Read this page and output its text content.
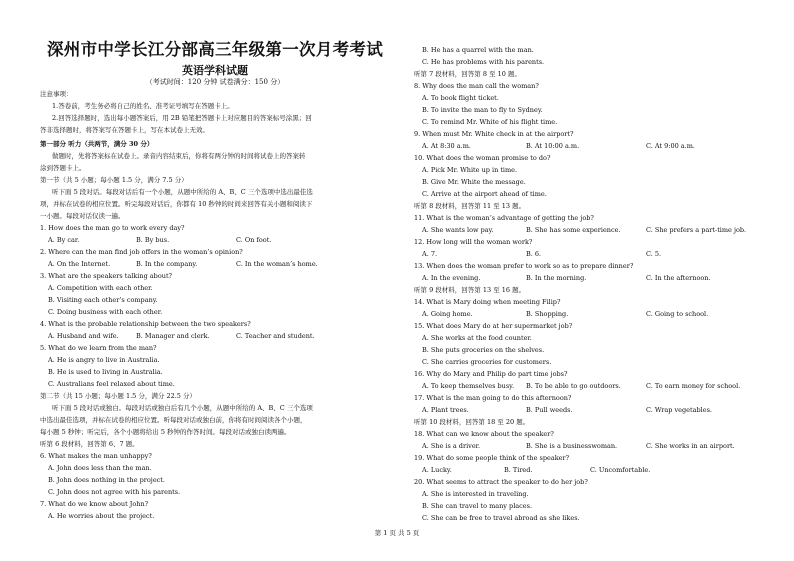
深州市中学长江分部高三年级第一次月考考试
英语学科试题
（考试时间：120 分钟 试卷满分：150 分）
注意事项：
1.答卷前，考生务必将自己的姓名、准考证号填写在答题卡上。
2.回答选择题时，选出每小题答案后，用 2B 铅笔把答题卡上对应题目的答案标号涂黑；回
答非选择题时，将答案写在答题卡上，写在本试卷上无效。
第一部分 听力（共两节，满分 30 分）
做题时，先将答案标在试卷上。录音内容结束后，你将有两分钟的时间将试卷上的答案转
涂到答题卡上。
第一节（共 5 小题；每小题 1.5 分，满分 7.5 分）
听下面 5 段对话。每段对话后有一个小题，从题中所给的 A、B、C 三个选项中选出最佳选
项，并标在试卷的相应位置。听完每段对话后，你都有 10 秒钟的时间来回答有关小题和阅读下
一小题。每段对话仅读一遍。
1. How does the man go to work every day?
A. By car.	B. By bus.	C. On foot.
2. Where can the man find job offers in the woman’s opinion?
A. On the Internet.	B. In the company.	C. In the woman’s home.
3. What are the speakers talking about?
A. Competition with each other.
B. Visiting each other’s company.
C. Doing business with each other.
4. What is the probable relationship between the two speakers?
A. Husband and wife.	B. Manager and clerk.	C. Teacher and student.
5. What do we learn from the man?
A. He is angry to live in Australia.
B. He is used to living in Australia.
C. Australians feel relaxed about time.
第二节（共 15 小题；每小题 1.5 分，满分 22.5 分）
听下面 5 段对话或独白。每段对话或独白后有几个小题，从题中所给的 A、B、C 三个选项
中选出最佳选项，并标在试卷的相应位置。听每段对话或独白前，你将有时间阅读各个小题，
每小题 5 秒钟；听完后，各个小题将给出 5 秒钟的作答时间。每段对话或独白读两遍。
听第 6 段材料，回答第 6、7 题。
6. What makes the man unhappy?
A. John does less than the man.
B. John does nothing in the project.
C. John does not agree with his parents.
7. What do we know about John?
A. He worries about the project.
B. He has a quarrel with the man.
C. He has problems with his parents.
听第 7 段材料，回答第 8 至 10 题。
8. Why does the man call the woman?
A. To book flight ticket.
B. To invite the man to fly to Sydney.
C. To remind Mr. White of his flight time.
9. When must Mr. White check in at the airport?
A. At 8:30 a.m.	B. At 10:00 a.m.	C. At 9:00 a.m.
10. What does the woman promise to do?
A. Pick Mr. White up in time.
B. Give Mr. White the message.
C. Arrive at the airport ahead of time.
听第 8 段材料，回答第 11 至 13 题。
11. What is the woman’s advantage of getting the job?
A. She wants low pay.	B. She has some experience.	C. She prefers a part-time job.
12. How long will the woman work?
A. 7.	B. 6.	C. 5.
13. When does the woman prefer to work so as to prepare dinner?
A. In the evening.	B. In the morning.	C. In the afternoon.
听第 9 段材料，回答第 13 至 16 题。
14. What is Mary doing when meeting Filip?
A. Going home.	B. Shopping.	C. Going to school.
15. What does Mary do at her supermarket job?
A. She works at the food counter.
B. She puts groceries on the shelves.
C. She carries groceries for customers.
16. Why do Mary and Philip do part time jobs?
A. To keep themselves busy. B. To be able to go outdoors.	C. To earn money for school.
17. What is the man going to do this afternoon?
A. Plant trees.	B. Pull weeds.	C. Wrap vegetables.
听第 10 段材料，回答第 18 至 20 题。
18. What can we know about the speaker?
A. She is a driver.	B. She is a businesswoman.	C. She works in an airport.
19. What do some people think of the speaker?
A. Lucky.	B. Tired.	C. Uncomfortable.
20. What seems to attract the speaker to do her job?
A. She is interested in traveling.
B. She can travel to many places.
C. She can be free to travel abroad as she likes.
第 1 页 共 5 页
